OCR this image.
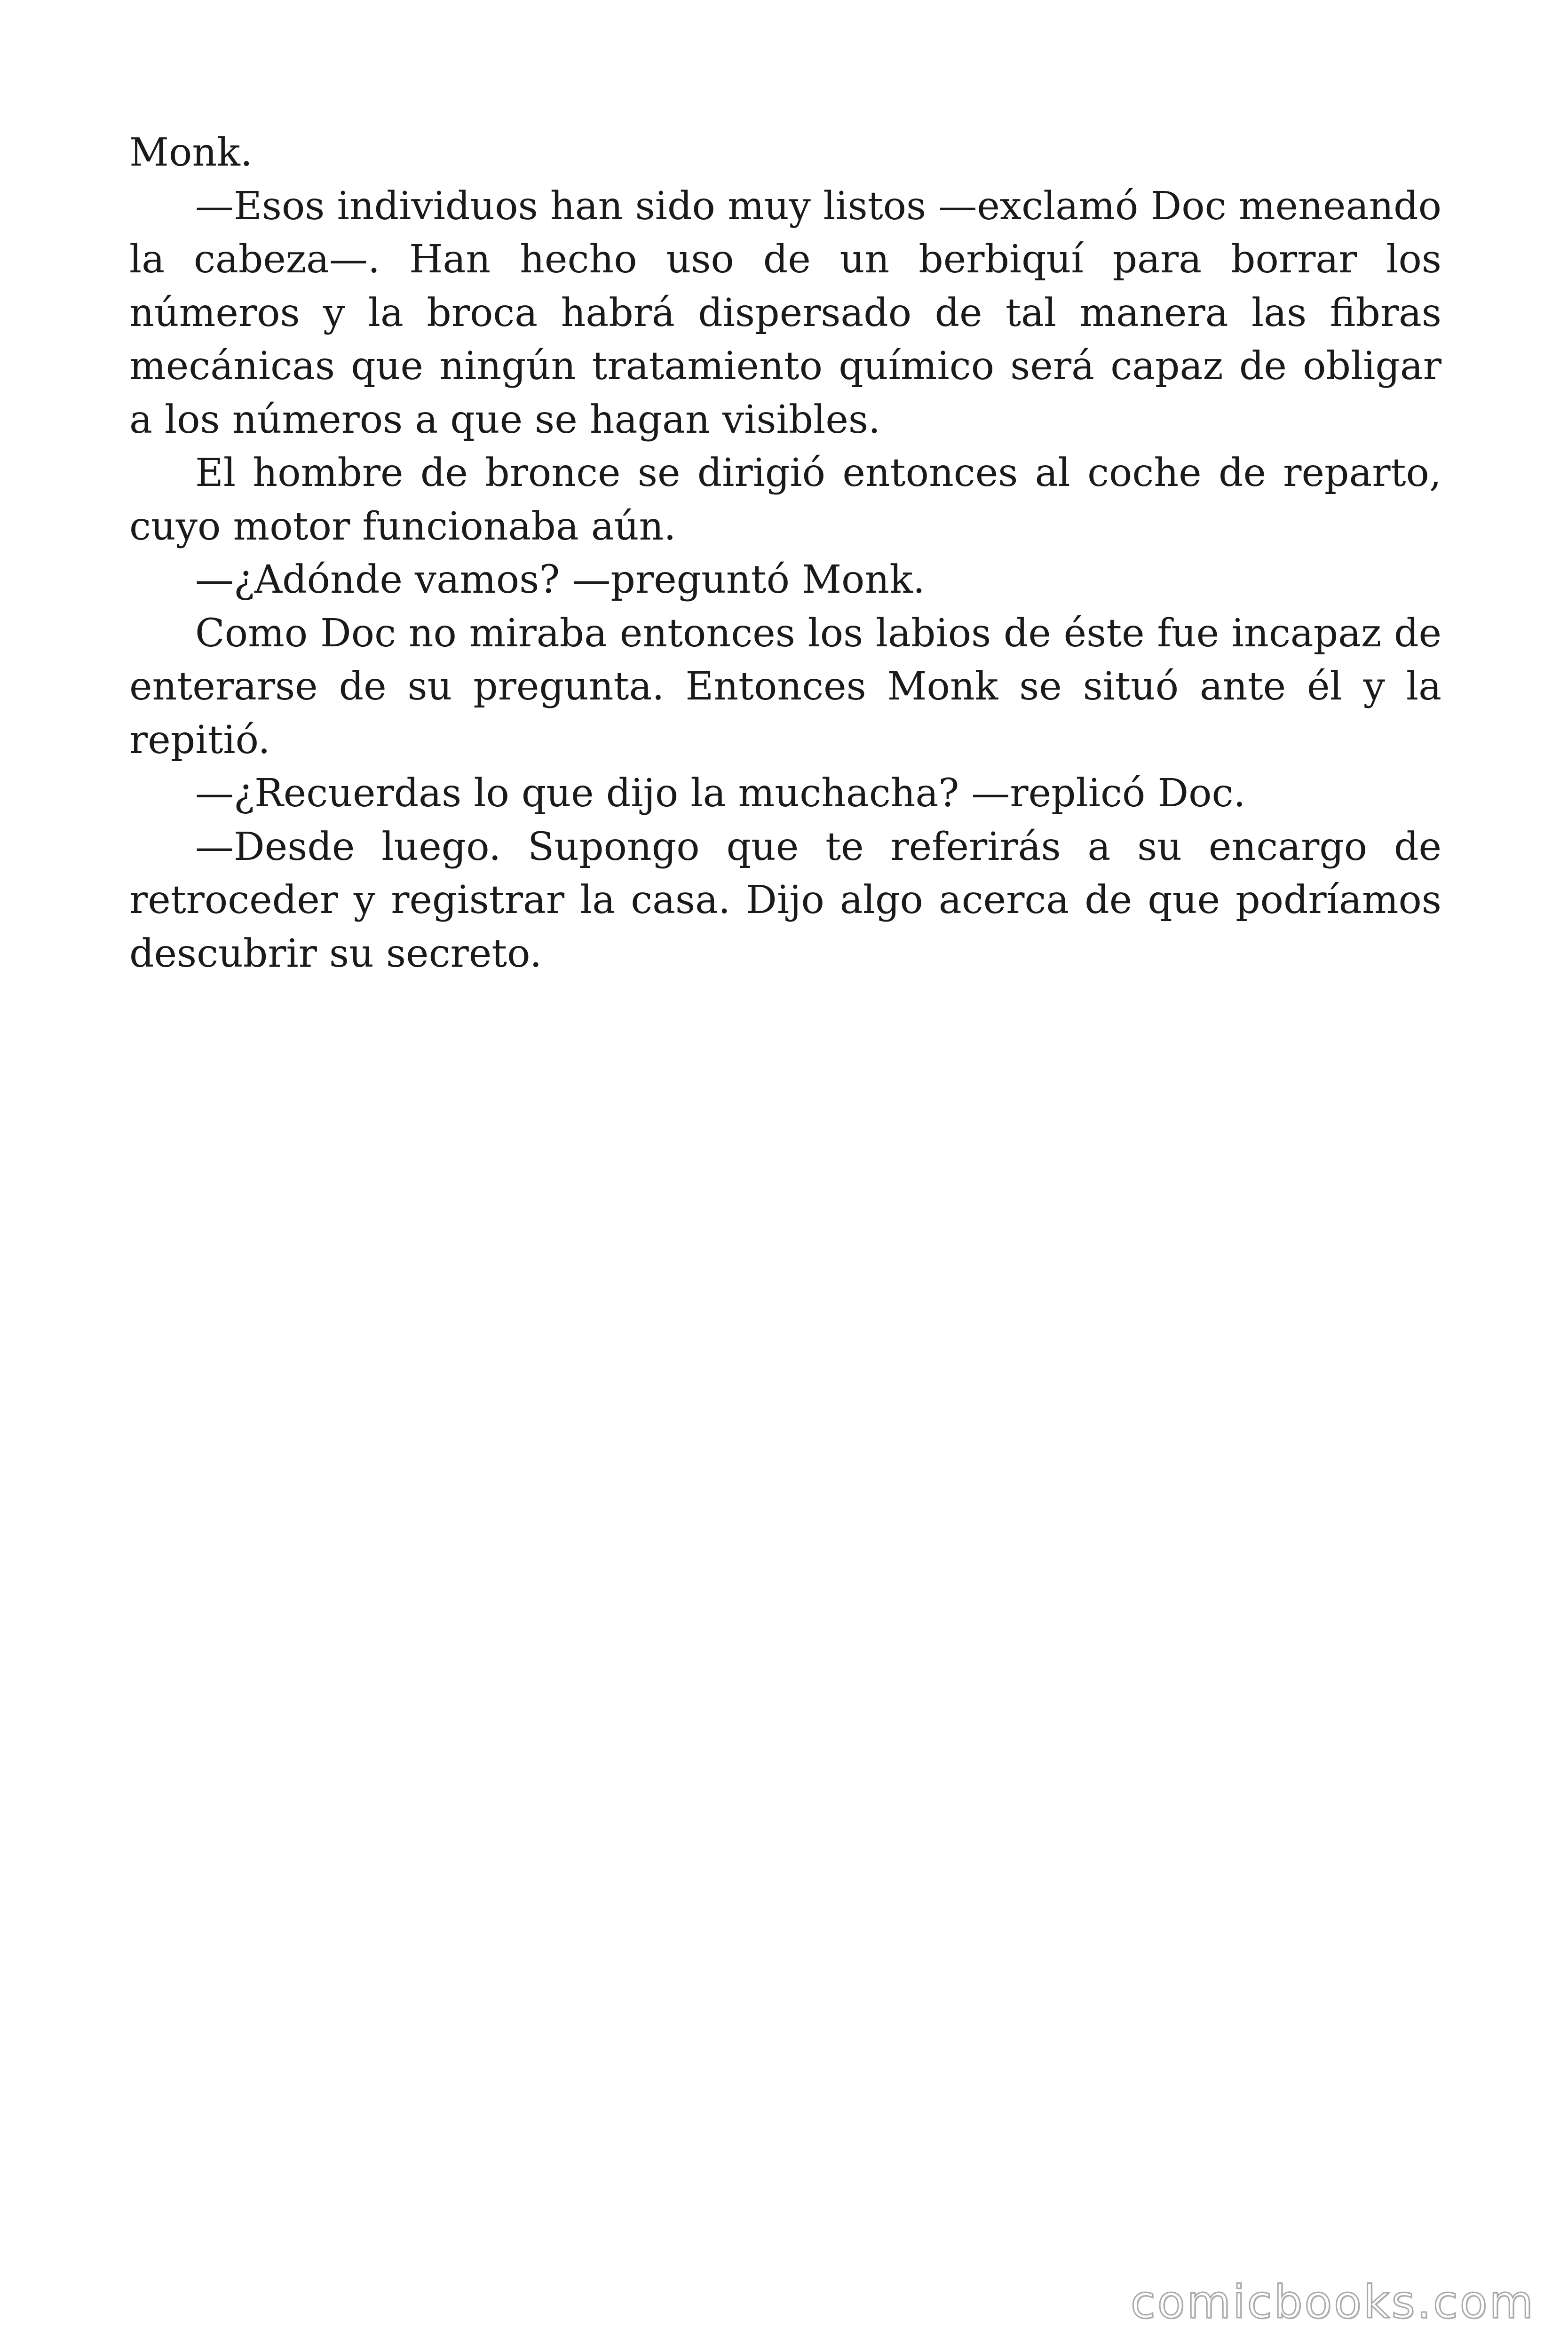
Monk.

—Esos individuos han sido muy listos —exclamó Doc meneando la cabeza—. Han hecho uso de un berbiquí para borrar los números y la broca habrá dispersado de tal manera las fibras mecánicas que ningún tratamiento químico será capaz de obligar a los números a que se hagan visibles.

El hombre de bronce se dirigió entonces al coche de reparto, cuyo motor funcionaba aún.

—¿Adónde vamos? —preguntó Monk.

Como Doc no miraba entonces los labios de éste fue incapaz de enterarse de su pregunta. Entonces Monk se situó ante él y la repitió.

—¿Recuerdas lo que dijo la muchacha? —replicó Doc.

—Desde luego. Supongo que te referirás a su encargo de retroceder y registrar la casa. Dijo algo acerca de que podríamos descubrir su secreto.

comicbooks.com
